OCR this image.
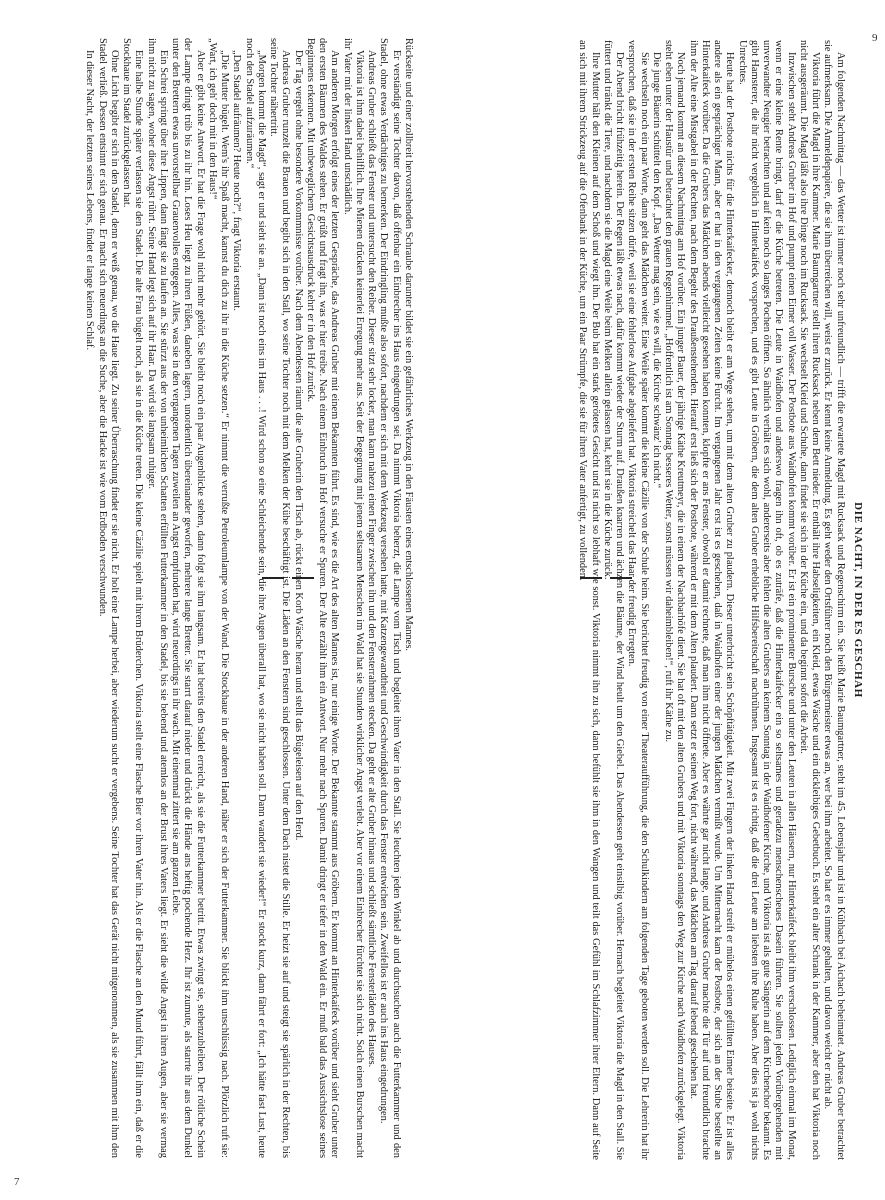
7
9

Rückseite und einer zollbreit hervorstehenden Schraube darunter bildet sie ein gefährliches Werkzeug in den Fäusten eines entschlossenen Mannes.

Er verständigt seine Tochter davon, daß offenbar ein Einbrecher ins Haus eingedrungen sei. Da nimmt Viktoria beherzt, die Lampe vom Tisch und begleitet ihren Vater in den Stall. Sie leuchten jeden Winkel ab und durchsuchen auch die Futterkammer und den Stadel, ohne etwas Verdächtiges zu bemerken. Der Eindringling mußte also sofort, nachdem er sich mit dem Werkzeug versehen hatte, mit Katzengewandtheit und Geschwindigkeit durch das Fenster entwichen sein. Zweifellos ist er auch ins Haus eingedrungen.

Andreas Gruber schließt das Fenster und untersucht den Reiber. Dieser sitzt sehr locker, man kann nahezu einen Finger zwischen ihn und den Fensterrahmen stecken. Da geht er alte Gruber hinaus und schließt sämtliche Fensterläden des Hauses.

Viktoria ist ihm dabei behilflich. Ihre Mienen drücken keinerlei Erregung mehr aus. Seit der Begegnung mit jenem seltsamen Menschen im Wald hat sie Stunden wirklicher Angst verlebt. Aber vor einem Einbrecher fürchtet sie sich nicht. Solch einen Burschen macht ihr Vater mit der linken Hand unschädlich.

Am anderen Morgen erfolgt eines der letzten Gespräche, das Andreas Gruber mit einem Bekannten führt. Es sind, wie es die Art des alten Mannes ist, nur einige Worte. Der Bekannte stammt aus Gröbern. Er kommt an Hinterkaifeck vorüber und sieht Gruber unter den ersten Bäumen des Waldes stehen. Er grüßt und fragt ihn, was er hier treibe. Nach einem Einbruch im Hof versuche er Spuren. Der Alte erzählt ihm ein Antwort. Nur mehr nach Spuren. Damit dringt er tiefer in den Wald ein. Er muß bald das Aussichtslose seines Beginnens erkennen. Mit unbeweglichem Gesichtsausdruck kehrt er in den Hof zurück.

Der Tag vergeht ohne besondere Vorkommnisse vorüber. Nach dem Abendessen räumt die alte Gruberin den Tisch ab, rückt einen Korb Wäsche heran und stellt das Bügeleisen auf den Herd.

Andreas Gruber runzelt die Brauen und begibt sich in den Stall, wo seine Tochter noch mit dem Melken der Kühe beschäftigt ist. Die Läden an den Fenstern sind geschlossen. Unter dem Dach nistet die Stille. Er heizt sie auf und steigt sie spärlich in der Rechten, bis seine Tochter nähertritt.

„Morgen kommt die Magd“, sagt er und sieht sie an. „Dann ist noch eins im Haus . . .! Wird schon so eine Schleichende sein, die ihre Augen überall hat, wo sie nicht haben soll. Dann wandert sie wieder!“ Er stockt kurz, dann fährt er fort: „Ich hätte fast Lust, heute noch den Stadel aufzuräumen.“

„Den Stadel aufräumen? Heute noch?“, fragt Viktoria erstaunt.

„Die Mutter bügelt. Wem's ihr Spaß macht, kannst du dich zu ihr in die Küche setzen.“ Er nimmt die verrußte Petroleumlampe von der Wand. Die Stockhaue in der anderen Hand, näher er sich der Futterkammer. Sie blickt ihm unschlüssig nach. Plötzlich ruft sie: „Wart, ich geh' doch mit in den Haus!“

Aber er gibt keine Antwort. Er hat die Frage wohl nicht mehr gehört. Sie bleibt noch ein paar Augenblicke stehen, dann folgt sie ihm langsam. Er hat bereits den Stadel erreicht, als sie die Futterkammer betritt. Etwas zwingt sie, stehenzubleiben. Der rötliche Schein der Lampe dringt trüb bis zu ihr hin. Loses Heu liegt zu ihren Füßen, daneben lagern, unordentlich übereinander geworfen, mehrere lange Bretter. Sie starrt darauf nieder und drückt die Hände ans heftig pochende Herz. Ihr ist zumute, als starrte ihr aus dem Dunkel unter den Brettern etwas unvorstellbar Grauenvolles entgegen. Alles, was sie in den vergangenen Tagen zuweilen an Angst empfunden hat, wird neuerdings in ihr wach. Mit einemmal zittert sie am ganzen Leibe.

Ein Schrei springt über ihre Lippen, dann fängt sie zu laufen an. Sie stürzt aus der von unheimlichen Schatten erfüllten Futterkammer in den Stadel, bis sie bebend und atemlos an der Brust ihres Vaters liegt. Er sieht die wilde Angst in ihren Augen, aber sie vermag ihm nicht zu sagen, woher diese Angst rührt. Seine Hand legt sich auf ihr Haar. Da wird sie langsam ruhiger.

Eine halbe Stunde später verlassen sie den Stadel. Die alte Frau bügelt noch, als sie in die Küche treten. Die kleine Cäzilie spielt mit ihrem Brüderchen. Viktoria stellt eine Flasche Bier vor ihren Vater hin. Als er die Flasche an den Mund führt, fällt ihm ein, daß er die Stockhaue im Stadel zurückgelassen hat.

Ohne Licht begibt er sich in den Stadel, denn er weiß genau, wo die Haue liegt. Zu seiner Überraschung findet er sie nicht. Er holt eine Lampe herbei, aber wiederum sucht er vergebens. Seine Tochter hat das Gerät nicht mitgenommen, als sie zusammen mit ihm den Stadel verließ. Dessen entsinnt er sich genau. Er macht sich neuerdings an die Suche, aber die Hacke ist wie vom Erdboden verschwunden.

In dieser Nacht, der letzten seines Lebens, findet er lange keinen Schlaf.

DIE NACHT, IN DER ES GESCHAH

Am folgenden Nachmittag — das Wetter ist immer noch sehr unfreundlich — trifft die erwartete Magd mit Rucksack und Regenschirm ein. Sie heißt Marie Baumgartner, steht im 45. Lebensjahr und ist in Kühbach bei Aichach beheimatet. Andreas Gruber betrachtet sie aufmerksam. Die Anmeldepapiere, die sie ihm überreichen will, weist er zurück. Er kennt keine Anmeldung. Es geht weder den Ortsführer noch den Bürgermeister etwas an, wer bei ihm arbeitet. So hat er es immer gehalten, und davon weicht er nicht ab.

Viktoria führt die Magd in ihre Kammer. Marie Baumgartner stellt ihren Rucksack neben dem Bett nieder. Er enthält ihre Habseligkeiten, ein Kleid, etwas Wäsche und ein dickleibiges Gebetbuch. Es steht ein alter Schrank in der Kammer, aber den hat Viktoria noch nicht ausgeräumt. Die Magd läßt also ihre Dinge noch im Rucksack. Sie wechselt Kleid und Schuhe, dann findet sie sich in der Küche ein, und da beginnt sofort die Arbeit.

Inzwischen steht Andreas Gruber im Hof und pumpt einen Eimer voll Wasser. Der Postbote aus Waidhofen kommt vorüber. Er ist ein prominenter Bursche und unter den Leuten in allen Häusern, nur Hinterkaifeck bleibt ihm verschlossen. Lediglich einmal im Monat, wenn er eine kleine Rente bringt, darf er die Küche betreten. Die Leute in Waidhofen und anderswo fragen ihn oft, ob es zuträfe, daß die Hinterkaifecker ein so seltsames und geradezu menschenscheues Dasein führten. Sie sollten jeden Vorübergehenden mit unverwandter Neugier betrachten und auf kein noch so langes Pochen öffnen. So ähnlich verhält es sich wohl, andererseits aber fehlen die alten Grubers an keinem Sonntag in der Waidhofener Kirche, und Viktoria ist als gute Sängerin auf dem Kirchenchor bekannt. Es gibt Hamsterer, die ihr nicht vergeblich in Hinterkaifeck vorsprechen, und es gibt Leute in Gröbern, die dem alten Gruber erhebliche Hilfsbereitschaft nachrühmen. Insgesamt ist es richtig, daß die drei Leute am liebsten ihre Ruhe haben. Aber dies ist ja wohl nichts Unrechtes.

Heute hat der Postbote nichts für die Hinterkaifecker, dennoch bleibt er am Wege stehen, um mit dem alten Gruber zu plaudern. Dieser unterbricht sein Schöpftätigkeit. Mit zwei Fingern der linken Hand streift er mühelos einen gefüllten Eimer beiseite. Er ist alles andere als ein gesprächiger Mann, aber er hat in den vergangenen Zeiten keine Furcht. Im vergangenen Jahr erst ist es geschehen, daß in Waidhofen einer der jungen Mädchen vermißt wurde. Um Mitternacht kam der Postbote, der sich an der Stube bestellte an Hinterkaifeck vorüber. Da die Grubers das Mädchen abends vielleicht gesehen haben konnten, klopfte er ans Fenster, obwohl er damit rechnete, daß man ihm nicht öffnete. Aber es währte gar nicht lange, und Andreas Gruber machte die Tür auf und freundlich brachte ihm der Alte eine Mistgabel in der Rechten, nach dem Begehr des Draußenstehenden. Hierauf erst ließ sich der Postbote, während er mit dem Alten plaudert. Dann setzt er seinen Weg fort, nicht während, das Mädchen am Tag darauf lebend geschehen hat.

Noch jemand kommt an diesem Nachmittag am Hof vorüber. Ein junger Bauer, der jährige Käthe Kreutmeyr, die in einem der Nachbarhöfe dient. Sie hat oft mit den alten Grubers und mit Viktoria sonntags den Weg zur Kirche nach Waidhofen zurückgelegt. Viktoria steht eben unter der Haustür und betrachtet den grauen Regenhimmel. „Hoffentlich ist am Sonntag besseres Wetter, sonst müssen wir daheimbleiben!“, ruft ihr Käthe zu.

Die junge Bäuerin schüttelt den Kopf. „Das Wetter mag sein, wie es will, die Kirche schwänz' ich nicht.“

Sie wechseln noch ein paar Worte, dann geht das Mädchen weiter. Eine Weile später kommt die kleine Cäzilie von der Schule heim. Sie berichtet freudig von einer Theateraufführung, die den Schulkindern am folgenden Tage geboten werden soll. Die Lehrerin hat ihr versprochen, daß sie in der ersten Reihe sitzen dürfe, weil sie eine fehlerlose Aufgabe abgeliefert hat. Viktoria streichelt das Haar der freudig Erregten.

Der Abend bricht frühzeitig herein. Der Regen läßt etwas nach, dafür kommt wieder der Sturm auf. Draußen knarren und ächzen die Bäume, der Wind heult um den Giebel. Das Abendessen geht einsilbig vorüber. Hernach begleitet Viktoria die Magd in den Stall. Sie füttert und tränkt die Tiere, und nachdem sie die Magd eine Weile beim Melken allein gelassen hat, kehrt sie in die Küche zurück.

Ihre Mutter hält den Kleinen auf dem Schoß und wiegt ihn. Der Bub hat ein stark gerötetes Gesicht und ist nicht so lebhaft wie sonst. Viktoria nimmt ihn zu sich, dann befühlt sie ihm in den Wangen und teilt das Gefühl im Schlafzimmer ihrer Eltern. Dann auf Seite an sich mit ihrem Strickzeug auf die Ofenbank in der Küche, um ein Paar Strümpfe, die sie für ihren Vater anfertigt, zu vollenden.
